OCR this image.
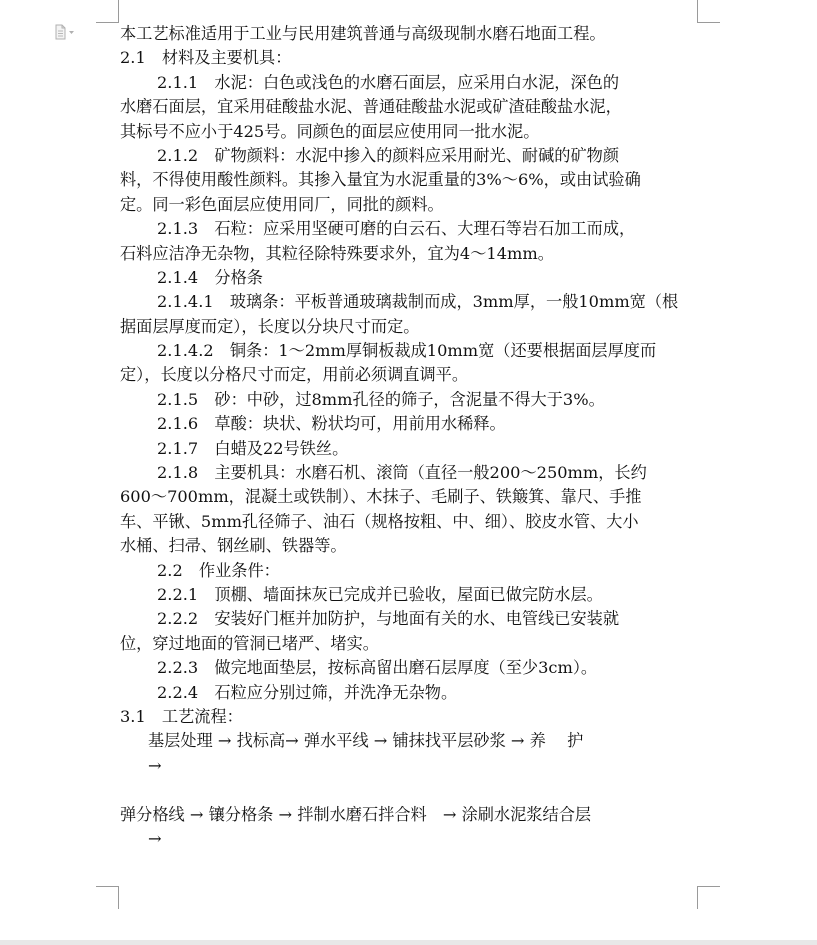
本工艺标准适用于工业与民用建筑普通与高级现制水磨石地面工程。
2.1　材料及主要机具：
2.1.1　水泥：白色或浅色的水磨石面层，应采用白水泥，深色的
水磨石面层，宜采用硅酸盐水泥、普通硅酸盐水泥或矿渣硅酸盐水泥，
其标号不应小于425号。同颜色的面层应使用同一批水泥。
2.1.2　矿物颜料：水泥中掺入的颜料应采用耐光、耐碱的矿物颜
料，不得使用酸性颜料。其掺入量宜为水泥重量的3%～6%，或由试验确
定。同一彩色面层应使用同厂，同批的颜料。
2.1.3　石粒：应采用坚硬可磨的白云石、大理石等岩石加工而成，
石料应洁净无杂物，其粒径除特殊要求外，宜为4～14mm。
2.1.4　分格条
2.1.4.1　玻璃条：平板普通玻璃裁制而成，3mm厚，一般10mm宽（根
据面层厚度而定），长度以分块尺寸而定。
2.1.4.2　铜条：1～2mm厚铜板裁成10mm宽（还要根据面层厚度而
定），长度以分格尺寸而定，用前必须调直调平。
2.1.5　砂：中砂，过8mm孔径的筛子，含泥量不得大于3%。
2.1.6　草酸：块状、粉状均可，用前用水稀释。
2.1.7　白蜡及22号铁丝。
2.1.8　主要机具：水磨石机、滚筒（直径一般200～250mm，长约
600～700mm，混凝土或铁制）、木抹子、毛刷子、铁簸箕、靠尺、手推
车、平锹、5mm孔径筛子、油石（规格按粗、中、细）、胶皮水管、大小
水桶、扫帚、钢丝刷、铁器等。
2.2　作业条件：
2.2.1　顶棚、墙面抹灰已完成并已验收，屋面已做完防水层。
2.2.2　安装好门框并加防护，与地面有关的水、电管线已安装就
位，穿过地面的管洞已堵严、堵实。
2.2.3　做完地面垫层，按标高留出磨石层厚度（至少3cm）。
2.2.4　石粒应分别过筛，并洗净无杂物。
3.1　工艺流程：
基层处理 → 找标高→ 弹水平线 → 铺抹找平层砂浆 → 养　 护
→
弹分格线 → 镶分格条 → 拌制水磨石拌合料　→ 涂刷水泥浆结合层
→
